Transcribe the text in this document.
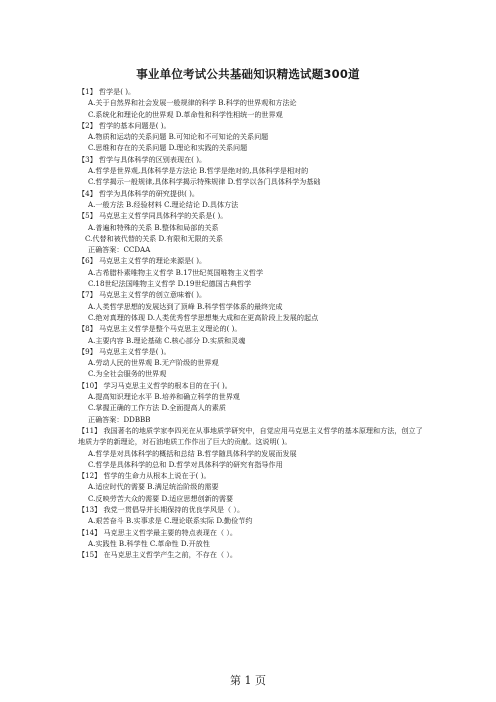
事业单位考试公共基础知识精选试题300道
【1】 哲学是( )。
A.关于自然界和社会发展一般规律的科学 B.科学的世界观和方法论
C.系统化和理论化的世界观 D.革命性和科学性相统一的世界观
【2】 哲学的基本问题是( )。
A.物质和运动的关系问题 B.可知论和不可知论的关系问题
C.思维和存在的关系问题 D.理论和实践的关系问题
【3】 哲学与具体科学的区别表现在( )。
A.哲学是世界观,具体科学是方法论 B.哲学是绝对的,具体科学是相对的
C.哲学揭示一般规律,具体科学揭示特殊规律 D.哲学以各门具体科学为基础
【4】 哲学为具体科学的研究提供( )。
A.一般方法 B.经验材料 C.理论结论 D.具体方法
【5】 马克思主义哲学同具体科学的关系是( )。
A.普遍和特殊的关系 B.整体和局部的关系
C.代替和被代替的关系 D.有限和无限的关系
正确答案：CCDAA
【6】 马克思主义哲学的理论来源是( )。
A.古希腊朴素唯物主义哲学 B.17世纪英国唯物主义哲学
C.18世纪法国唯物主义哲学 D.19世纪德国古典哲学
【7】 马克思主义哲学的创立意味着( )。
A.人类哲学思想的发展达到了顶峰 B.科学哲学体系的最终完成
C.绝对真理的体现 D.人类优秀哲学思想集大成和在更高阶段上发展的起点
【8】 马克思主义哲学是整个马克思主义理论的( )。
A.主要内容 B.理论基础 C.核心部分 D.实质和灵魂
【9】 马克思主义哲学是( )。
A.劳动人民的世界观 B.无产阶级的世界观
C.为全社会服务的世界观
【10】 学习马克思主义哲学的根本目的在于( )。
A.提高知识理论水平 B.培养和确立科学的世界观
C.掌握正确的工作方法 D.全面提高人的素质
正确答案：DDBBB
【11】 我国著名的地质学家李四光在从事地质学研究中，自觉应用马克思主义哲学的基本原理和方法，创立了地质力学的新理论，对石油地质工作作出了巨大的贡献。这说明( )。
A.哲学是对具体科学的概括和总结 B.哲学随具体科学的发展而发展
C.哲学是具体科学的总和 D.哲学对具体科学的研究有指导作用
【12】 哲学的生命力从根本上说在于( )。
A.适应时代的需要 B.满足统治阶级的需要
C.反映劳苦大众的需要 D.适应思想创新的需要
【13】 我党一贯倡导并长期保持的优良学风是（ ）。
A.艰苦奋斗 B.实事求是 C.理论联系实际 D.勤俭节约
【14】 马克思主义哲学最主要的特点表现在（ ）。
A.实践性 B.科学性 C.革命性 D.开放性
【15】 在马克思主义哲学产生之前，不存在（ ）。
第 1 页
